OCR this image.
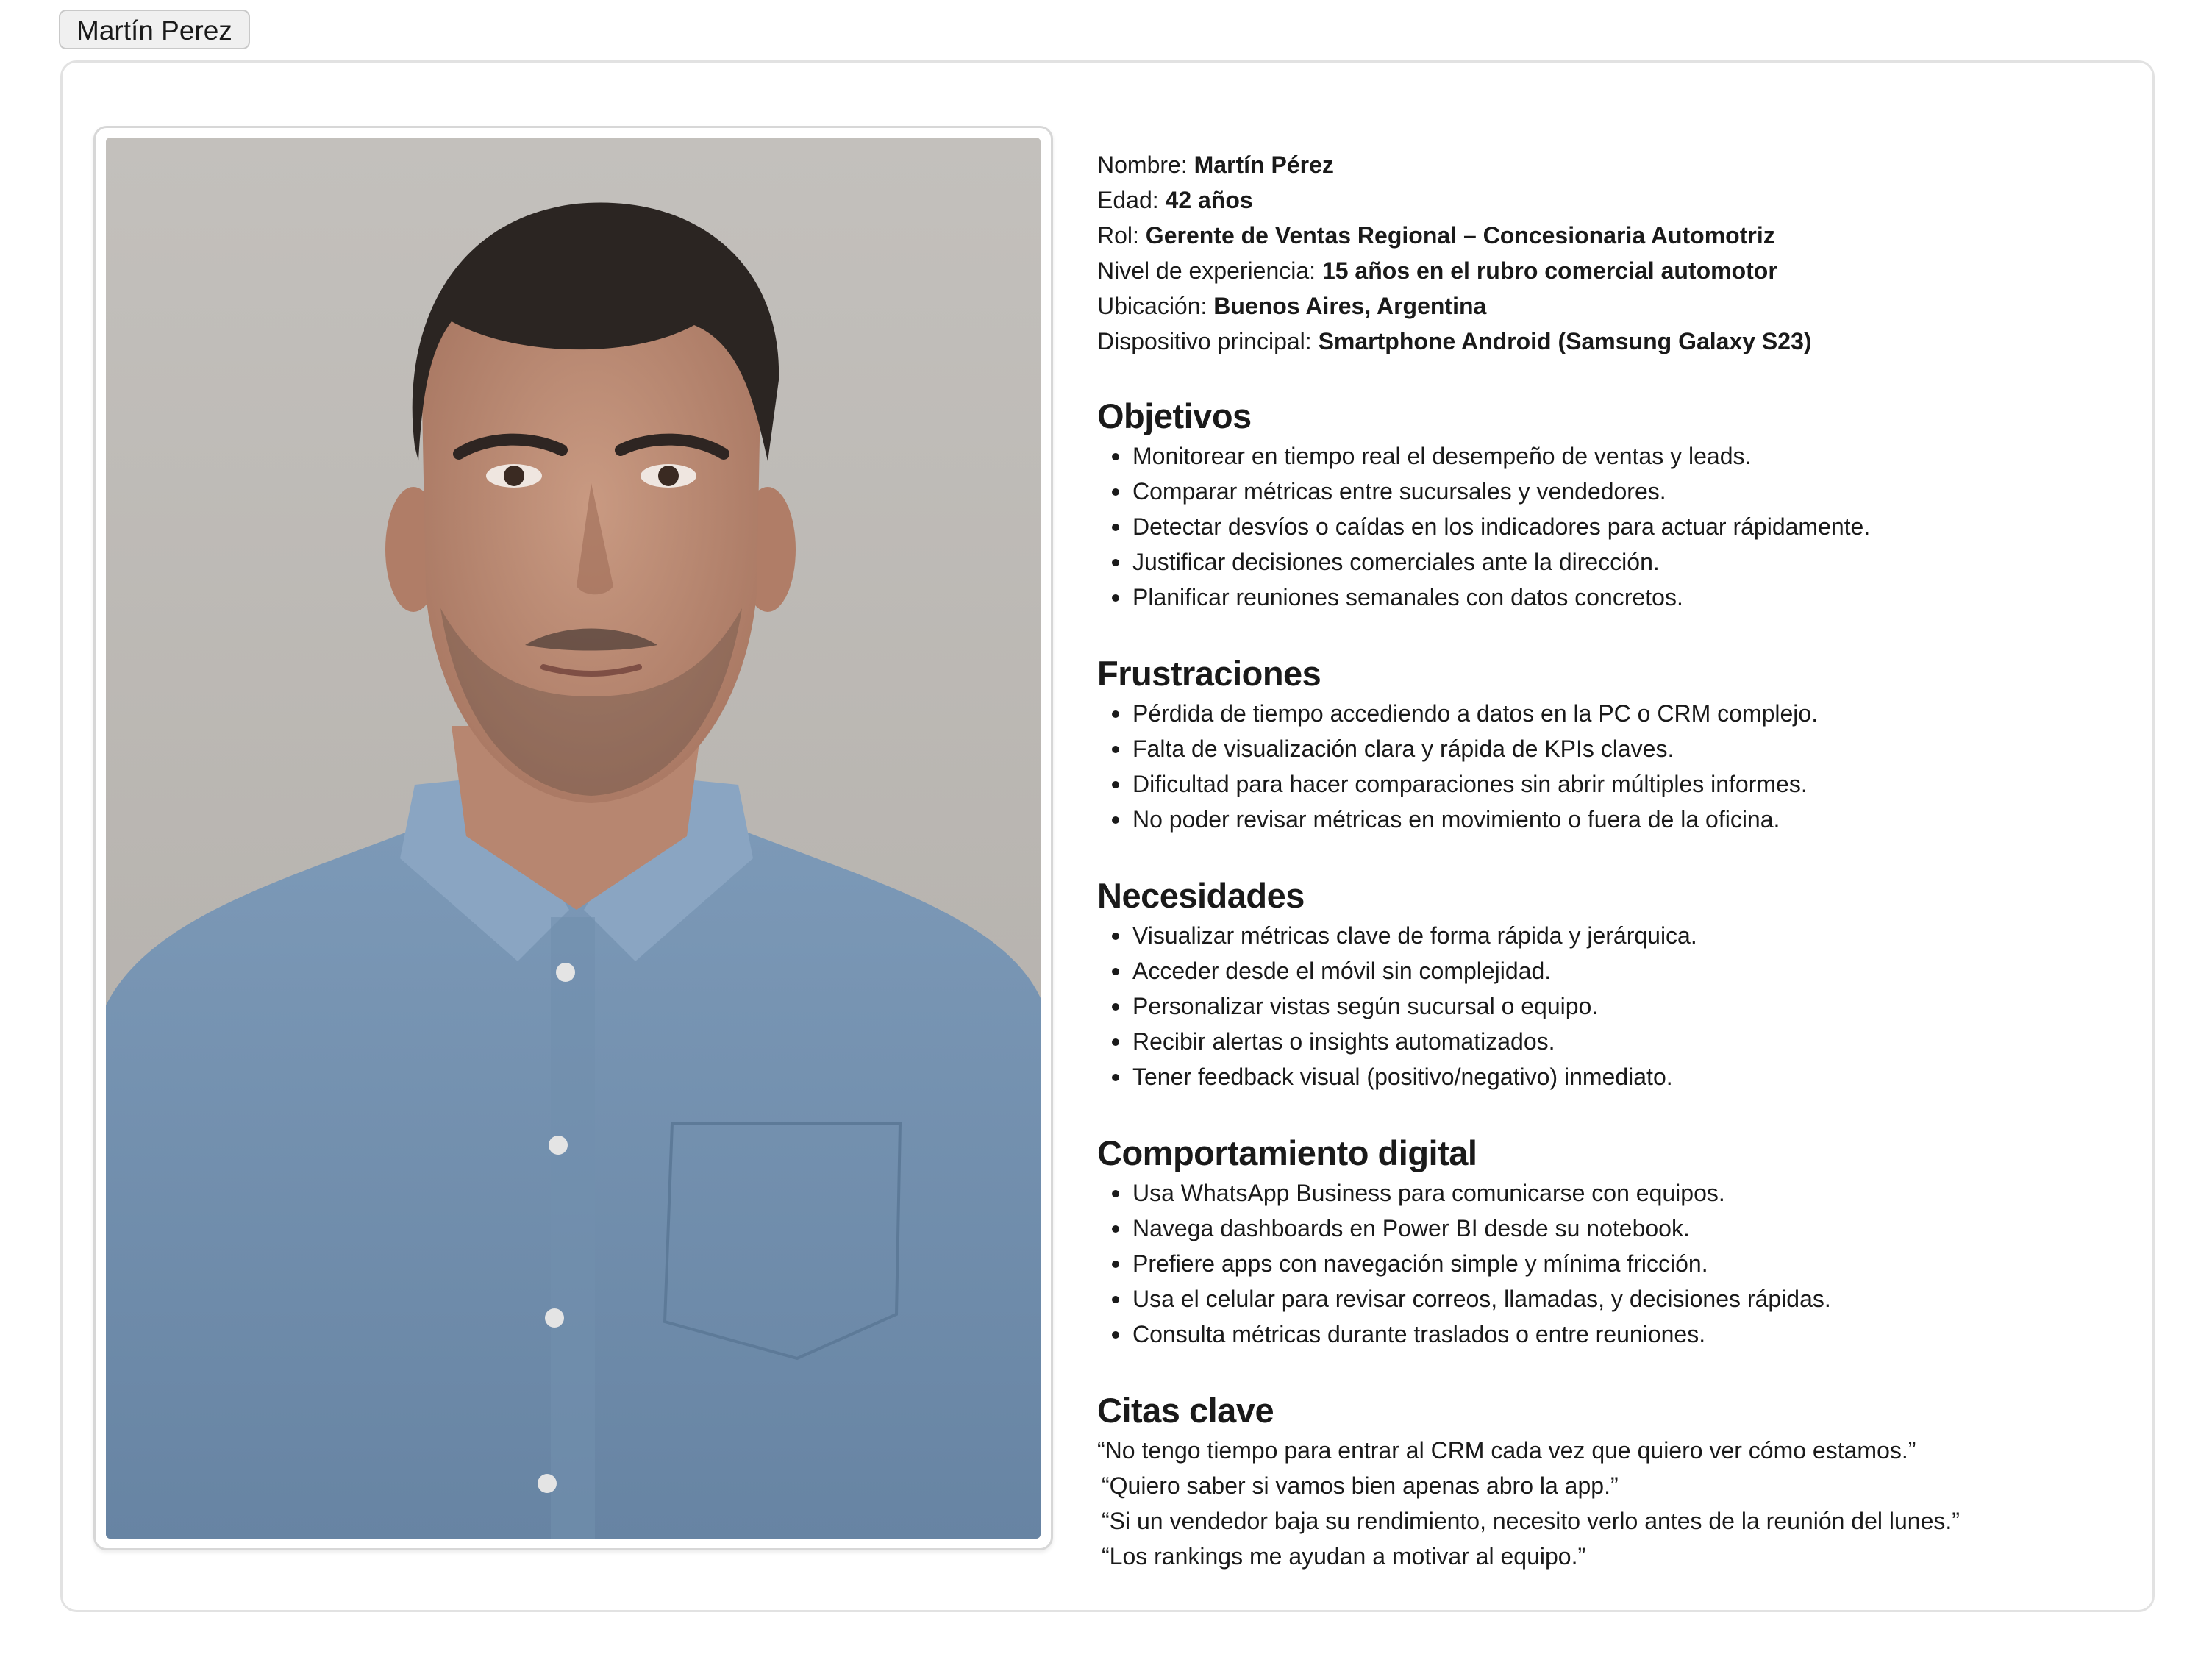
Martín Perez
Nombre: Martín Pérez
Edad: 42 años
Rol: Gerente de Ventas Regional – Concesionaria Automotriz
Nivel de experiencia: 15 años en el rubro comercial automotor
Ubicación: Buenos Aires, Argentina
Dispositivo principal: Smartphone Android (Samsung Galaxy S23)
Objetivos
Monitorear en tiempo real el desempeño de ventas y leads.
Comparar métricas entre sucursales y vendedores.
Detectar desvíos o caídas en los indicadores para actuar rápidamente.
Justificar decisiones comerciales ante la dirección.
Planificar reuniones semanales con datos concretos.
Frustraciones
Pérdida de tiempo accediendo a datos en la PC o CRM complejo.
Falta de visualización clara y rápida de KPIs claves.
Dificultad para hacer comparaciones sin abrir múltiples informes.
No poder revisar métricas en movimiento o fuera de la oficina.
Necesidades
Visualizar métricas clave de forma rápida y jerárquica.
Acceder desde el móvil sin complejidad.
Personalizar vistas según sucursal o equipo.
Recibir alertas o insights automatizados.
Tener feedback visual (positivo/negativo) inmediato.
Comportamiento digital
Usa WhatsApp Business para comunicarse con equipos.
Navega dashboards en Power BI desde su notebook.
Prefiere apps con navegación simple y mínima fricción.
Usa el celular para revisar correos, llamadas, y decisiones rápidas.
Consulta métricas durante traslados o entre reuniones.
Citas clave
“No tengo tiempo para entrar al CRM cada vez que quiero ver cómo estamos.”
“Quiero saber si vamos bien apenas abro la app.”
“Si un vendedor baja su rendimiento, necesito verlo antes de la reunión del lunes.”
“Los rankings me ayudan a motivar al equipo.”
